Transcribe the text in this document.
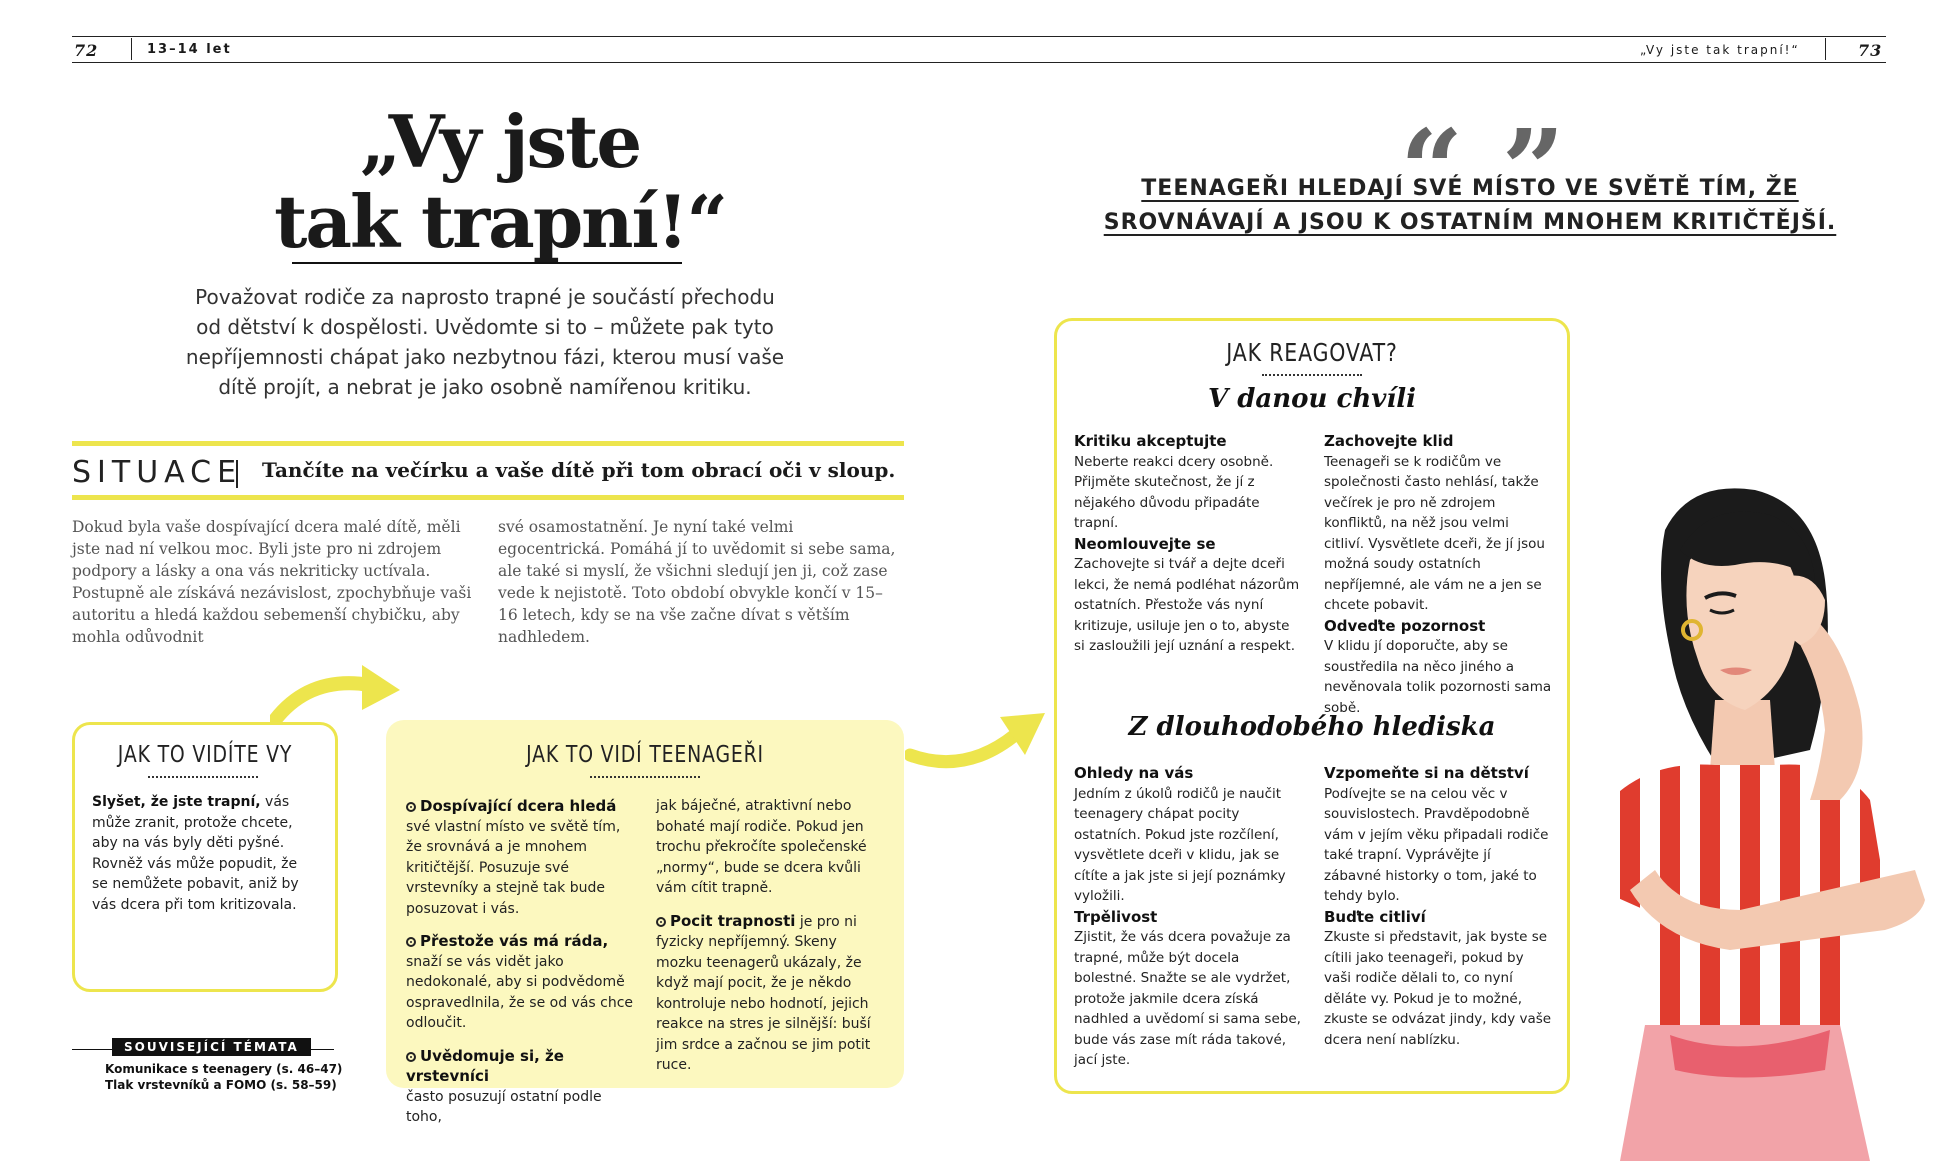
72	13–14 let	„Vy jste tak trapní!“	73
„Vy jste
tak trapní!“
Považovat rodiče za naprosto trapné je součástí přechodu od dětství k dospělosti. Uvědomte si to – můžete pak tyto nepříjemnosti chápat jako nezbytnou fázi, kterou musí vaše dítě projít, a nebrat je jako osobně namířenou kritiku.
SITUACE Tančíte na večírku a vaše dítě při tom obrací oči v sloup.
Dokud byla vaše dospívající dcera malé dítě, měli jste nad ní velkou moc. Byli jste pro ni zdrojem podpory a lásky a ona vás nekriticky uctívala. Postupně ale získává nezávislost, zpochybňuje vaši autoritu a hledá každou sebemenší chybičku, aby mohla odůvodnit
své osamostatnění. Je nyní také velmi egocentrická. Pomáhá jí to uvědomit si sebe sama, ale také si myslí, že všichni sledují jen ji, což zase vede k nejistotě. Toto období obvykle končí v 15–16 letech, kdy se na vše začne dívat s větším nadhledem.
JAK TO VIDÍTE VY
Slyšet, že jste trapní, vás může zranit, protože chcete, aby na vás byly děti pyšné. Rovněž vás může popudit, že se nemůžete pobavit, aniž by vás dcera při tom kritizovala.
JAK TO VIDÍ TEENAGEŘI
Dospívající dcera hledá
své vlastní místo ve světě tím, že srovnává a je mnohem kritičtější. Posuzuje své vrstevníky a stejně tak bude posuzovat i vás.
Přestože vás má ráda,
snaží se vás vidět jako nedokonalé, aby si podvědomě ospravedlnila, že se od vás chce odloučit.
Uvědomuje si, že vrstevníci
často posuzují ostatní podle toho,
jak báječné, atraktivní nebo bohaté mají rodiče. Pokud jen trochu překročíte společenské „normy“, bude se dcera kvůli vám cítit trapně.
Pocit trapnosti je pro ni fyzicky nepříjemný. Skeny mozku teenagerů ukázaly, že když mají pocit, že je někdo kontroluje nebo hodnotí, jejich reakce na stres je silnější: buší jim srdce a začnou se jim potit ruce.
SOUVISEJÍCÍ TÉMATA
Komunikace s teenagery (s. 46–47)
Tlak vrstevníků a FOMO (s. 58–59)
“ ”
TEENAGEŘI HLEDAJÍ SVÉ MÍSTO VE SVĚTĚ TÍM, ŽE SROVNÁVAJÍ A JSOU K OSTATNÍM MNOHEM KRITIČTĚJŠÍ.
JAK REAGOVAT?
V danou chvíli
Kritiku akceptujte
Neberte reakci dcery osobně. Přijměte skutečnost, že jí z nějakého důvodu připadáte trapní.
Neomlouvejte se
Zachovejte si tvář a dejte dceři lekci, že nemá podléhat názorům ostatních. Přestože vás nyní kritizuje, usiluje jen o to, abyste si zasloužili její uznání a respekt.
Zachovejte klid
Teenageři se k rodičům ve společnosti často nehlásí, takže večírek je pro ně zdrojem konfliktů, na něž jsou velmi citliví. Vysvětlete dceři, že jí jsou možná soudy ostatních nepříjemné, ale vám ne a jen se chcete pobavit.
Odveďte pozornost
V klidu jí doporučte, aby se soustředila na něco jiného a nevěnovala tolik pozornosti sama sobě.
Z dlouhodobého hlediska
Ohledy na vás
Jedním z úkolů rodičů je naučit teenagery chápat pocity ostatních. Pokud jste rozčílení, vysvětlete dceři v klidu, jak se cítíte a jak jste si její poznámky vyložili.
Trpělivost
Zjistit, že vás dcera považuje za trapné, může být docela bolestné. Snažte se ale vydržet, protože jakmile dcera získá nadhled a uvědomí si sama sebe, bude vás zase mít ráda takové, jací jste.
Vzpomeňte si na dětství
Podívejte se na celou věc v souvislostech. Pravděpodobně vám v jejím věku připadali rodiče také trapní. Vyprávějte jí zábavné historky o tom, jaké to tehdy bylo.
Buďte citliví
Zkuste si představit, jak byste se cítili jako teenageři, pokud by vaši rodiče dělali to, co nyní děláte vy. Pokud je to možné, zkuste se odvázat jindy, kdy vaše dcera není nablízku.
